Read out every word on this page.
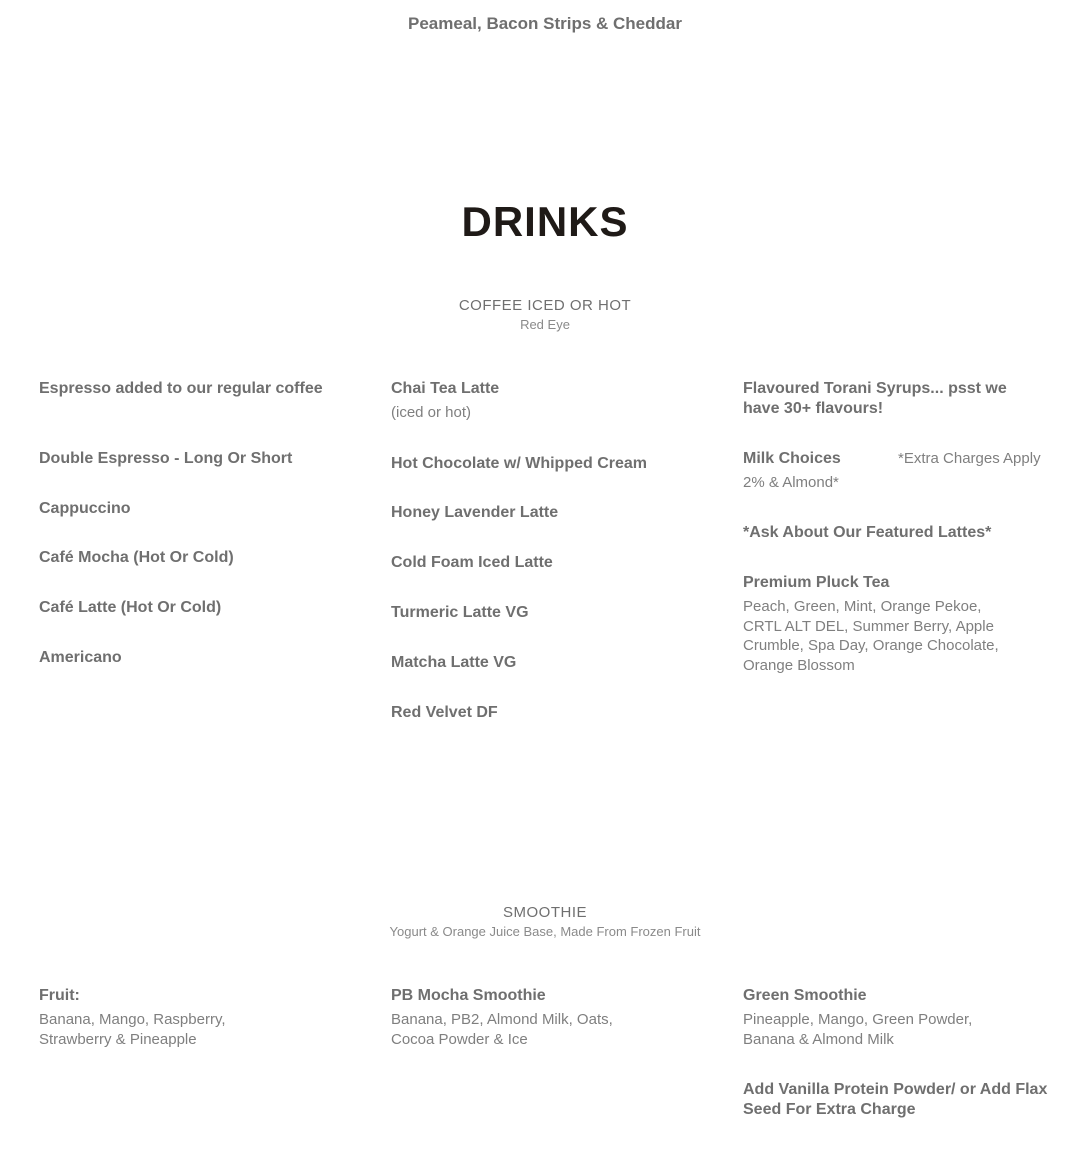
Peameal, Bacon Strips & Cheddar
DRINKS
COFFEE ICED OR HOT
Red Eye
Espresso added to our regular coffee
Double Espresso - Long Or Short
Cappuccino
Café Mocha (Hot Or Cold)
Café Latte (Hot Or Cold)
Americano
Chai Tea Latte
(iced or hot)
Hot Chocolate w/ Whipped Cream
Honey Lavender Latte
Cold Foam Iced Latte
Turmeric Latte VG
Matcha Latte VG
Red Velvet DF
Flavoured Torani Syrups... psst we have 30+ flavours!
Milk Choices	*Extra Charges Apply
2% & Almond*
*Ask About Our Featured Lattes*
Premium Pluck Tea
Peach, Green, Mint, Orange Pekoe, CRTL ALT DEL, Summer Berry, Apple Crumble, Spa Day, Orange Chocolate, Orange Blossom
SMOOTHIE
Yogurt & Orange Juice Base, Made From Frozen Fruit
Fruit:
Banana, Mango, Raspberry, Strawberry & Pineapple
PB Mocha Smoothie
Banana, PB2, Almond Milk, Oats, Cocoa Powder & Ice
Green Smoothie
Pineapple, Mango, Green Powder, Banana & Almond Milk
Add Vanilla Protein Powder/ or Add Flax Seed For Extra Charge
